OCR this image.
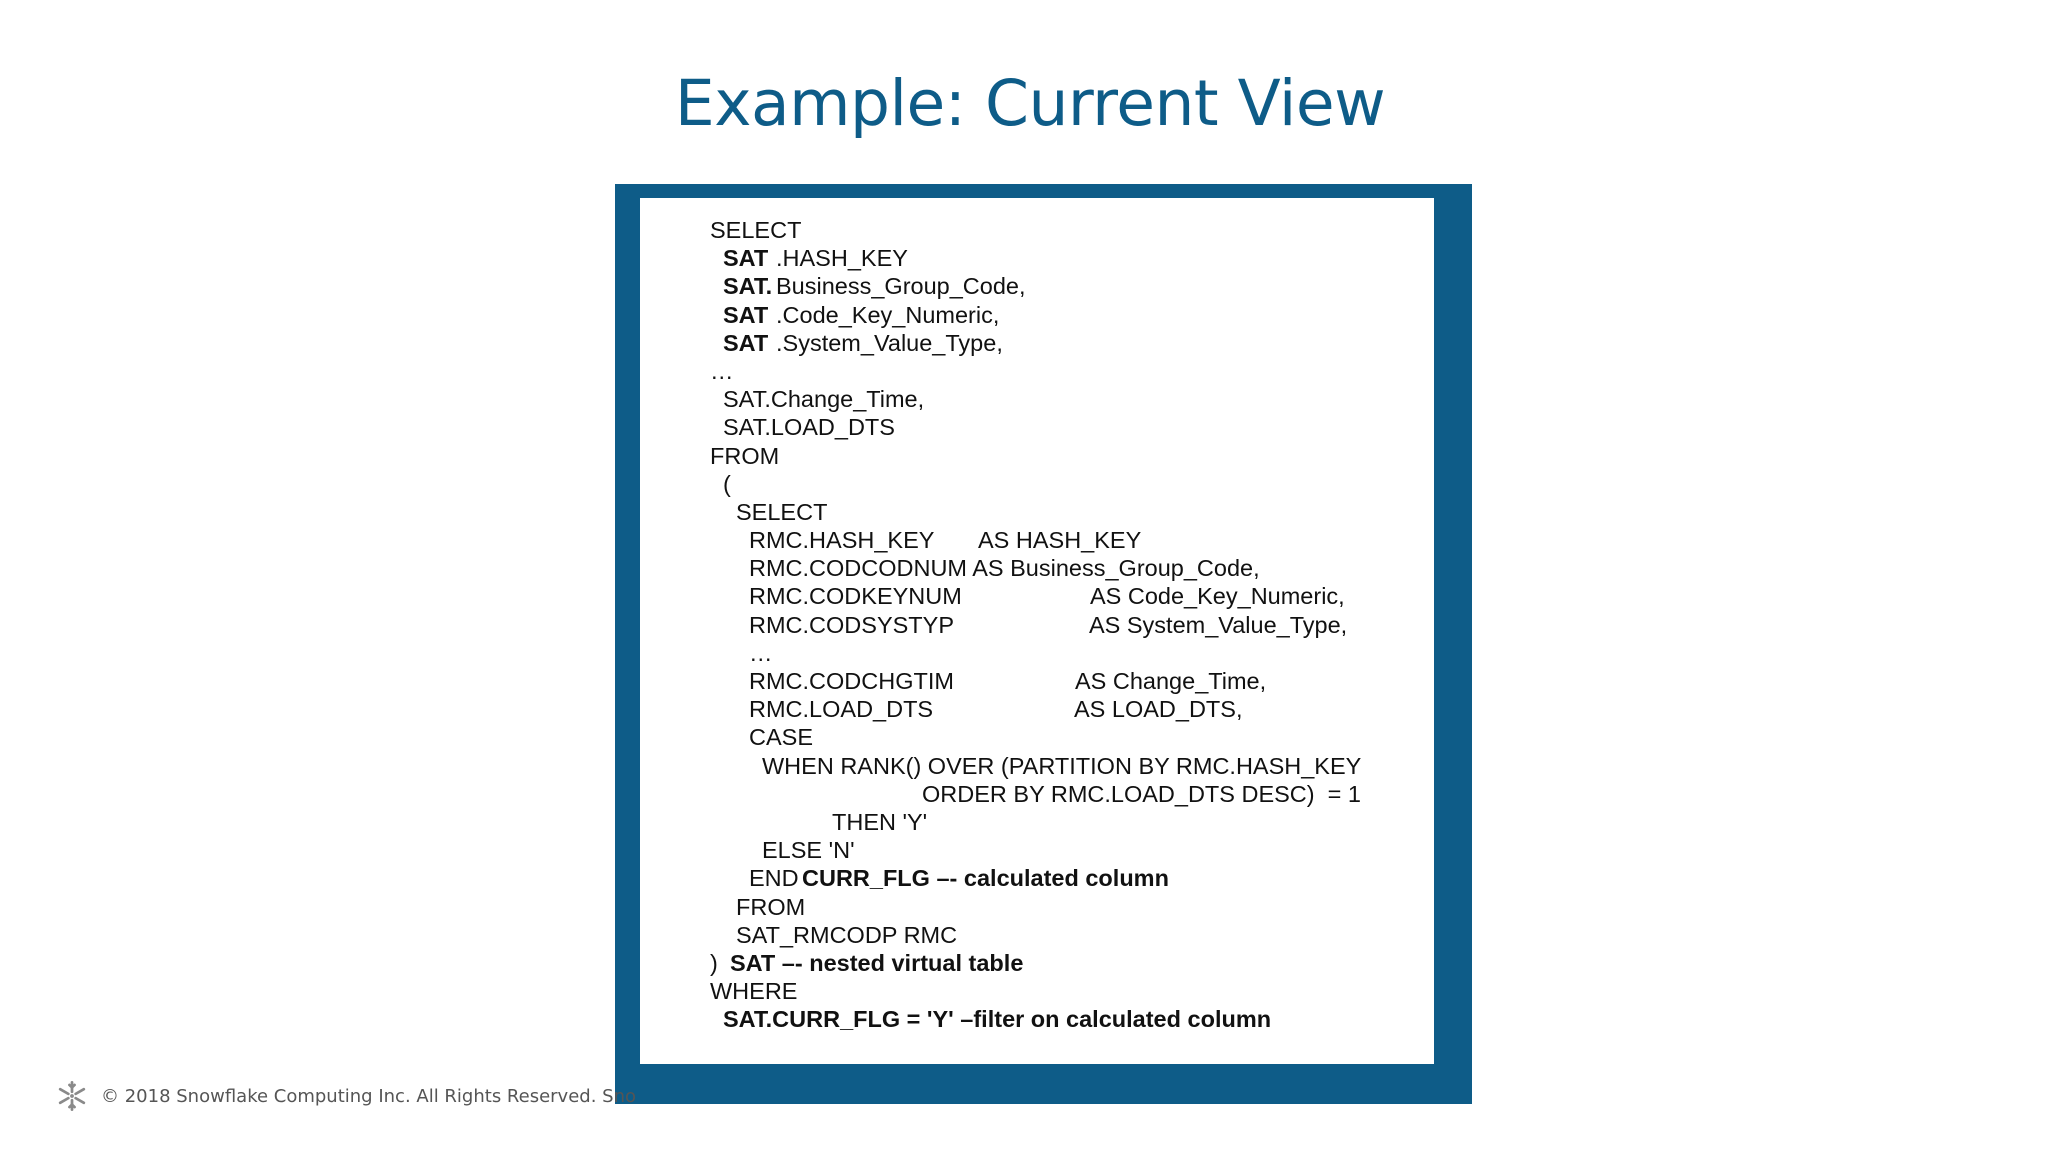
Example: Current View
SELECT
SAT .HASH_KEY
SAT. Business_Group_Code,
SAT .Code_Key_Numeric,
SAT .System_Value_Type,
…
SAT.Change_Time,
SAT.LOAD_DTS
FROM
(
SELECT
RMC.HASH_KEY AS HASH_KEY
RMC.CODCODNUM AS Business_Group_Code,
RMC.CODKEYNUM	AS Code_Key_Numeric,
RMC.CODSYSTYP	AS System_Value_Type,
…
RMC.CODCHGTIM	AS Change_Time,
RMC.LOAD_DTS	AS LOAD_DTS,
CASE
WHEN RANK() OVER (PARTITION BY RMC.HASH_KEY
ORDER BY RMC.LOAD_DTS DESC)  = 1
THEN 'Y'
ELSE 'N'
END
CURR_FLG –- calculated column
FROM
SAT_RMCODP RMC
) SAT –- nested virtual table
WHERE
SAT.CURR_FLG = 'Y' –filter on calculated column
© 2018 Snowflake Computing Inc. All Rights Reserved. Sno
